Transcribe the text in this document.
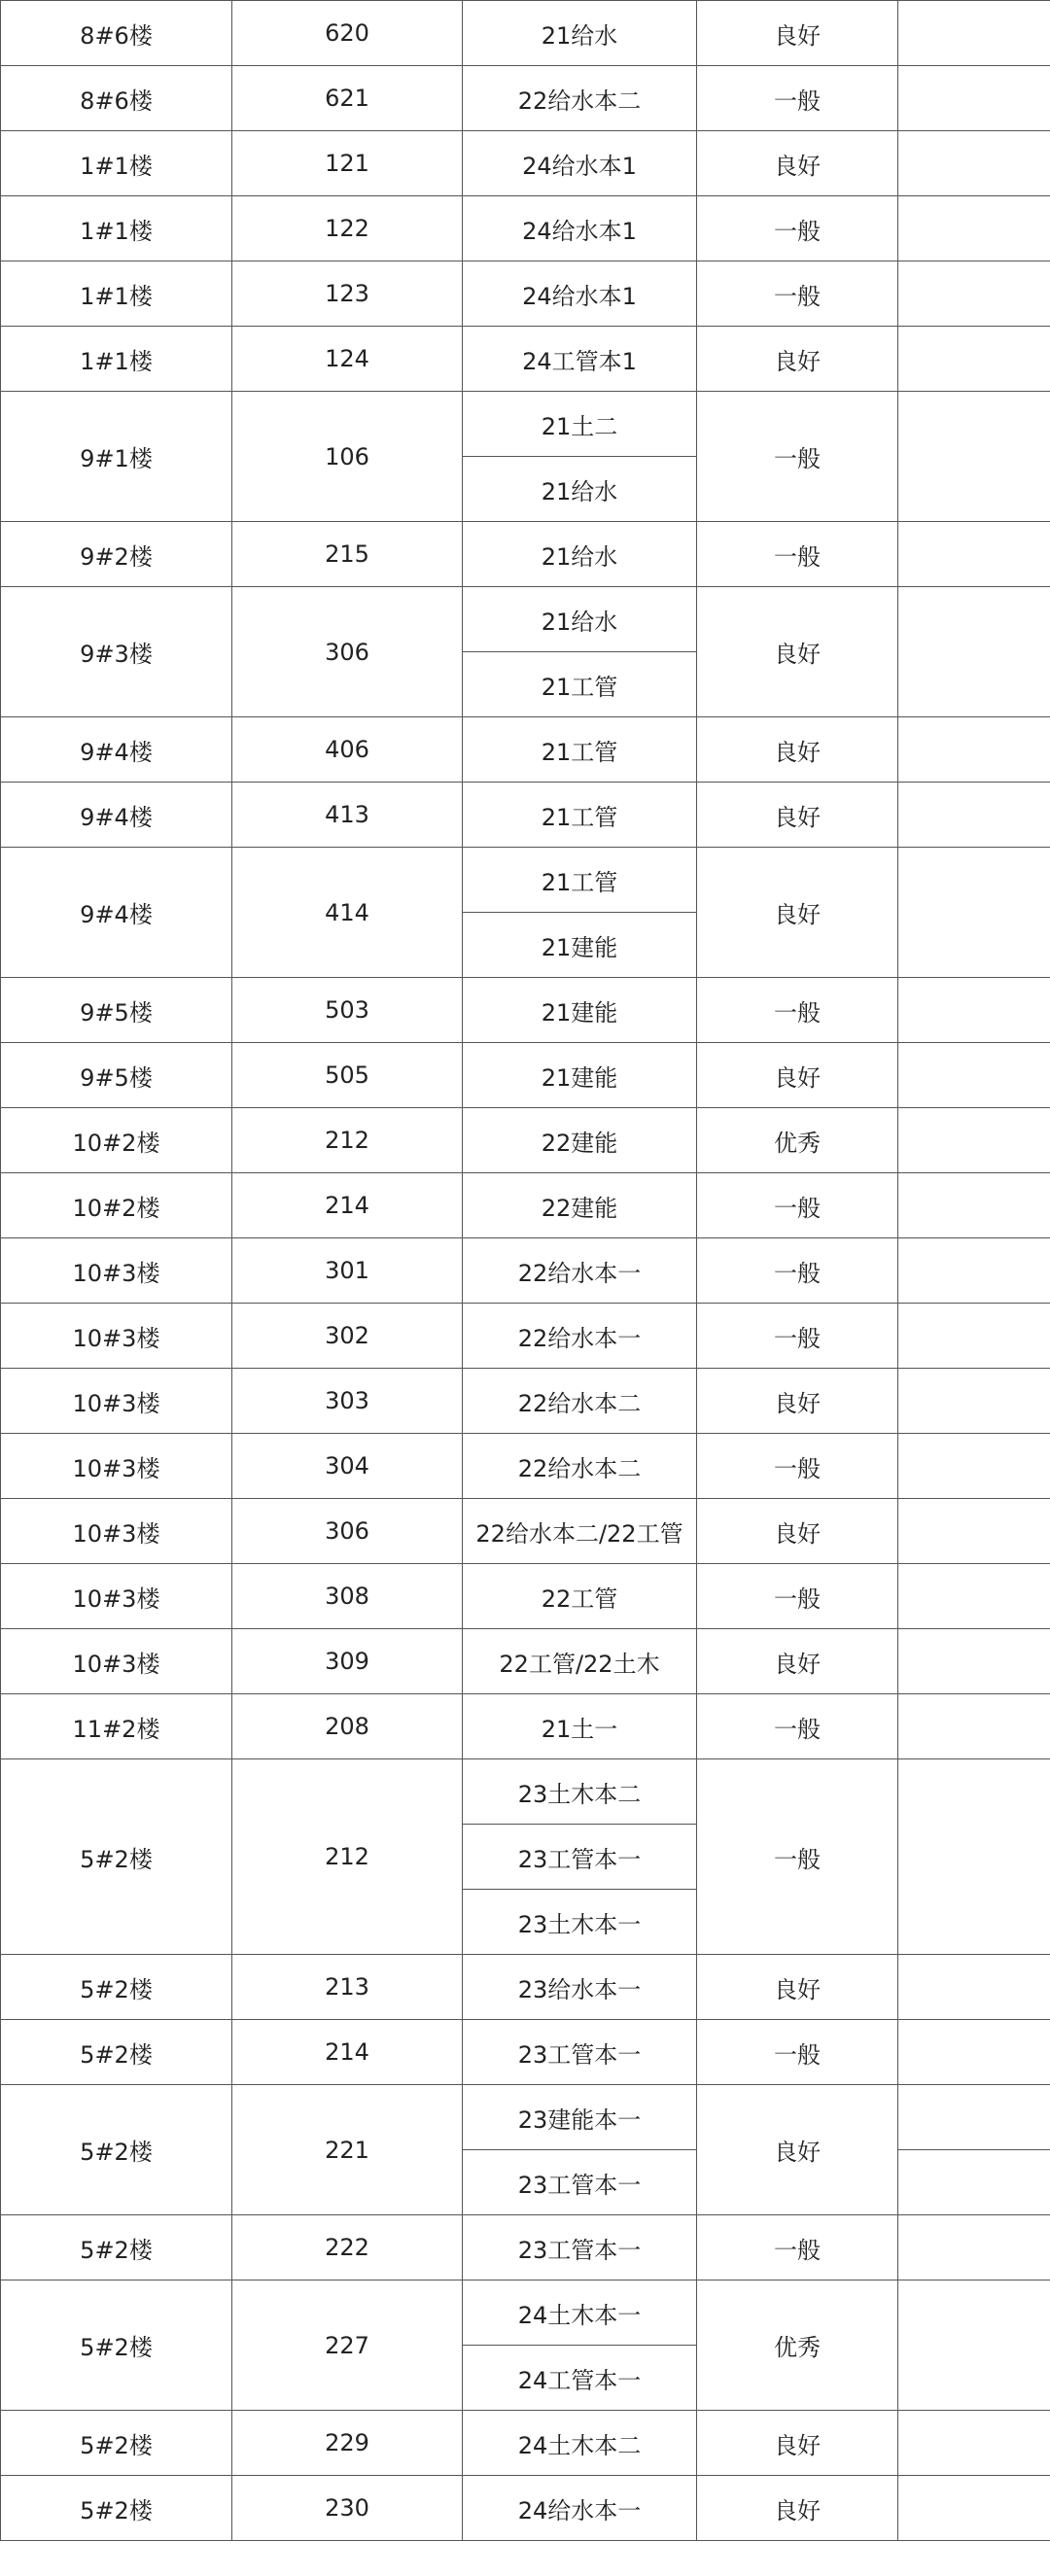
8#6楼	620	21给水	良好	
8#6楼	621	22给水本二	一般	
1#1楼	121	24给水本1	良好	
1#1楼	122	24给水本1	一般	
1#1楼	123	24给水本1	一般	
1#1楼	124	24工管本1	良好	
9#1楼	106	21土二	一般	
		21给水		
9#2楼	215	21给水	一般	
9#3楼	306	21给水	良好	
		21工管		
9#4楼	406	21工管	良好	
9#4楼	413	21工管	良好	
9#4楼	414	21工管	良好	
		21建能		
9#5楼	503	21建能	一般	
9#5楼	505	21建能	良好	
10#2楼	212	22建能	优秀	
10#2楼	214	22建能	一般	
10#3楼	301	22给水本一	一般	
10#3楼	302	22给水本一	一般	
10#3楼	303	22给水本二	良好	
10#3楼	304	22给水本二	一般	
10#3楼	306	22给水本二/22工管	良好	
10#3楼	308	22工管	一般	
10#3楼	309	22工管/22土木	良好	
11#2楼	208	21土一	一般	
5#2楼	212	23土木本二	一般	
		23工管本一		
		23土木本一		
5#2楼	213	23给水本一	良好	
5#2楼	214	23工管本一	一般	
5#2楼	221	23建能本一	良好	
		23工管本一		
5#2楼	222	23工管本一	一般	
5#2楼	227	24土木本一	优秀	
		24工管本一		
5#2楼	229	24土木本二	良好	
5#2楼	230	24给水本一	良好	
